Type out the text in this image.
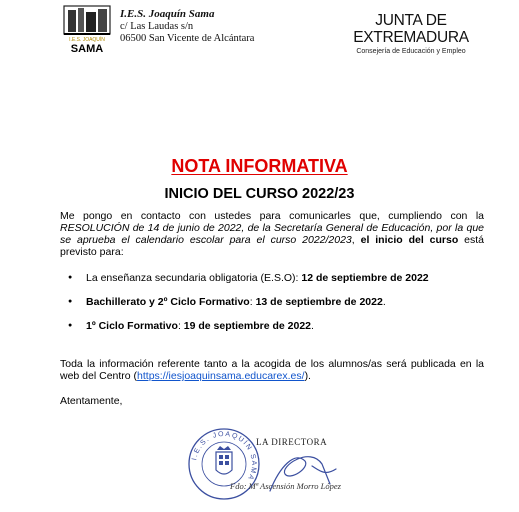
I.E.S. JOAQUÍN
SAMA
I.E.S. Joaquín Sama
c/ Las Laudas s/n
06500 San Vicente de Alcántara
JUNTA DE EXTREMADURA
Consejería de Educación y Empleo
NOTA INFORMATIVA
INICIO DEL CURSO 2022/23
Me pongo en contacto con ustedes para comunicarles que, cumpliendo con la RESOLUCIÓN de 14 de junio de 2022, de la Secretaría General de Educación, por la que se aprueba el calendario escolar para el curso 2022/2023, el inicio del curso está previsto para:
● La enseñanza secundaria obligatoria (E.S.O): 12 de septiembre de 2022
● Bachillerato y 2º Ciclo Formativo: 13 de septiembre de 2022.
● 1º Ciclo Formativo: 19 de septiembre de 2022.
Toda la información referente tanto a la acogida de los alumnos/as será publicada en la web del Centro (https://iesjoaquinsama.educarex.es/).
Atentamente,
I.E.S. JOAQUÍN SAMA
LA DIRECTORA
Fdo: Mª Ascensión Morro López
